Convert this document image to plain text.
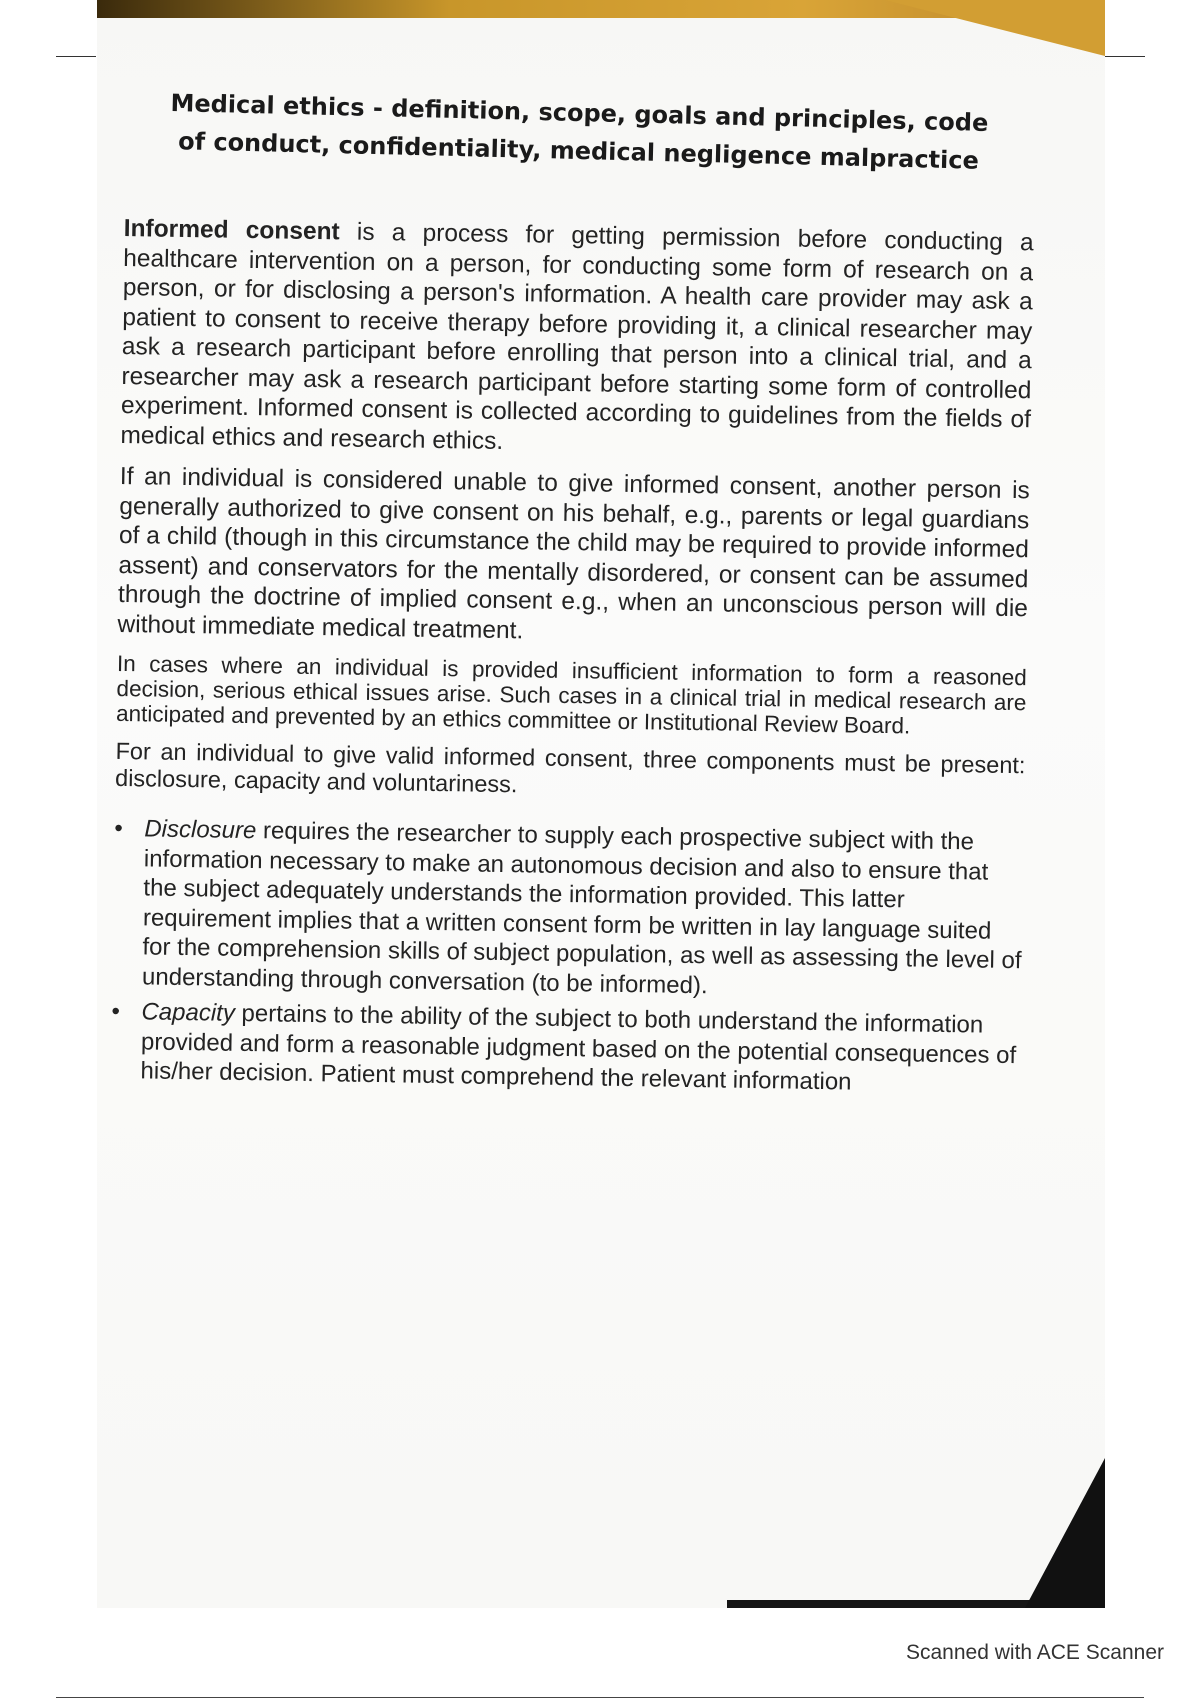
Medical ethics - definition, scope, goals and principles, code of conduct, confidentiality, medical negligence malpractice

Informed consent is a process for getting permission before conducting a healthcare intervention on a person, for conducting some form of research on a person, or for disclosing a person's information. A health care provider may ask a patient to consent to receive therapy before providing it, a clinical researcher may ask a research participant before enrolling that person into a clinical trial, and a researcher may ask a research participant before starting some form of controlled experiment. Informed consent is collected according to guidelines from the fields of medical ethics and research ethics.

If an individual is considered unable to give informed consent, another person is generally authorized to give consent on his behalf, e.g., parents or legal guardians of a child (though in this circumstance the child may be required to provide informed assent) and conservators for the mentally disordered, or consent can be assumed through the doctrine of implied consent e.g., when an unconscious person will die without immediate medical treatment.

In cases where an individual is provided insufficient information to form a reasoned decision, serious ethical issues arise. Such cases in a clinical trial in medical research are anticipated and prevented by an ethics committee or Institutional Review Board.

For an individual to give valid informed consent, three components must be present: disclosure, capacity and voluntariness.

• Disclosure requires the researcher to supply each prospective subject with the information necessary to make an autonomous decision and also to ensure that the subject adequately understands the information provided. This latter requirement implies that a written consent form be written in lay language suited for the comprehension skills of subject population, as well as assessing the level of understanding through conversation (to be informed).
• Capacity pertains to the ability of the subject to both understand the information provided and form a reasonable judgment based on the potential consequences of his/her decision. Patient must comprehend the relevant information
Scanned with ACE Scanner
